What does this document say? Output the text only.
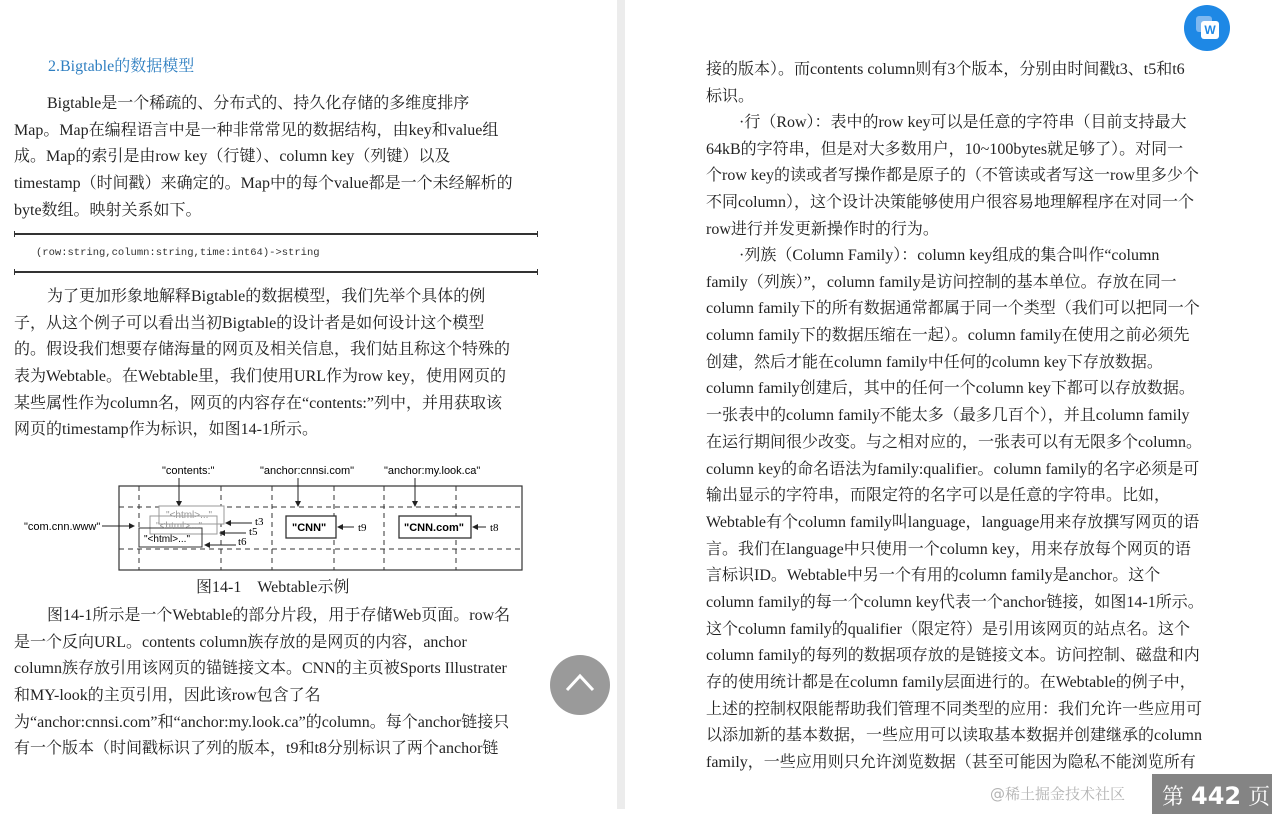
2.Bigtable的数据模型
Bigtable是一个稀疏的、分布式的、持久化存储的多维度排序
Map。Map在编程语言中是一种非常常见的数据结构，由key和value组
成。Map的索引是由row key（行键）、column key（列键）以及
timestamp（时间戳）来确定的。Map中的每个value都是一个未经解析的
byte数组。映射关系如下。
(row:string,column:string,time:int64)->string
为了更加形象地解释Bigtable的数据模型，我们先举个具体的例
子，从这个例子可以看出当初Bigtable的设计者是如何设计这个模型
的。假设我们想要存储海量的网页及相关信息，我们姑且称这个特殊的
表为Webtable。在Webtable里，我们使用URL作为row key，使用网页的
某些属性作为column名，网页的内容存在“contents:”列中，并用获取该
网页的timestamp作为标识，如图14-1所示。
"contents:"	"anchor:cnnsi.com"	"anchor:my.look.ca"
"com.cnn.www"
"<html>..."
"<html>..."
"<html>..."
"CNN"	"CNN.com"
t3
t5
t6
t9	t8
图14-1　Webtable示例
图14-1所示是一个Webtable的部分片段，用于存储Web页面。row名
是一个反向URL。contents column族存放的是网页的内容，anchor
column族存放引用该网页的锚链接文本。CNN的主页被Sports Illustrater
和MY-look的主页引用，因此该row包含了名
为“anchor:cnnsi.com”和“anchor:my.look.ca”的column。每个anchor链接只
有一个版本（时间戳标识了列的版本，t9和t8分别标识了两个anchor链
接的版本）。而contents column则有3个版本，分别由时间戳t3、t5和t6
标识。
·行（Row）：表中的row key可以是任意的字符串（目前支持最大
64kB的字符串，但是对大多数用户，10~100bytes就足够了）。对同一
个row key的读或者写操作都是原子的（不管读或者写这一row里多少个
不同column），这个设计决策能够使用户很容易地理解程序在对同一个
row进行并发更新操作时的行为。
·列族（Column Family）：column key组成的集合叫作“column
family（列族）”，column family是访问控制的基本单位。存放在同一
column family下的所有数据通常都属于同一个类型（我们可以把同一个
column family下的数据压缩在一起）。column family在使用之前必须先
创建，然后才能在column family中任何的column key下存放数据。
column family创建后，其中的任何一个column key下都可以存放数据。
一张表中的column family不能太多（最多几百个），并且column family
在运行期间很少改变。与之相对应的，一张表可以有无限多个column。
column key的命名语法为family:qualifier。column family的名字必须是可
输出显示的字符串，而限定符的名字可以是任意的字符串。比如，
Webtable有个column family叫language，language用来存放撰写网页的语
言。我们在language中只使用一个column key，用来存放每个网页的语
言标识ID。Webtable中另一个有用的column family是anchor。这个
column family的每一个column key代表一个anchor链接，如图14-1所示。
这个column family的qualifier（限定符）是引用该网页的站点名。这个
column family的每列的数据项存放的是链接文本。访问控制、磁盘和内
存的使用统计都是在column family层面进行的。在Webtable的例子中，
上述的控制权限能帮助我们管理不同类型的应用：我们允许一些应用可
以添加新的基本数据，一些应用可以读取基本数据并创建继承的column
family，一些应用则只允许浏览数据（甚至可能因为隐私不能浏览所有
W
@稀土掘金技术社区	第 442 页
